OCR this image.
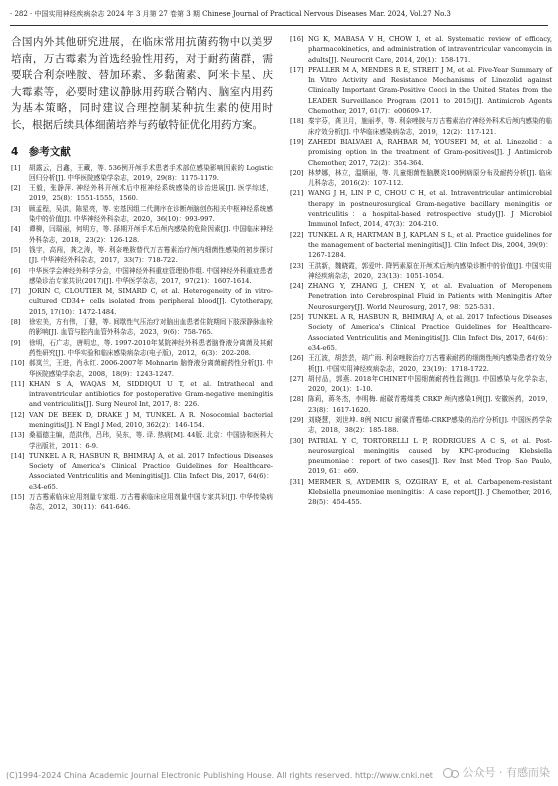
· 282 · 中国实用神经疾病杂志 2024 年 3 月第 27 卷第 3 期 Chinese Journal of Practical Nervous Diseases Mar. 2024, Vol.27 No.3

合国内外其他研究进展，在临床常用抗菌药物中以美罗培南，万古霉素为首选经验性用药，对于耐药菌群，需要联合利奈唑胺、替加环素、多黏菌素、阿米卡星、庆大霉素等，必要时建议静脉用药联合鞘内、脑室内用药为基本策略，同时建议合理控制某种抗生素的使用时长，根据后续具体细菌培养与药敏特征优化用药方案。

4　参考文献
[1]	胡露云，吕鑫，王藏，等. 536例开颅手术患者手术部位感染影响因素的 Logistic 回归分析[J]. 中华医院感染学杂志，2019，29(8)：1175-1179.
[2]	王毅，张静萍. 神经外科开颅术后中枢神经系统感染的诊治进展[J]. 医学综述，2019，25(8)：1551-1555，1560.
[3]	顾孟程，吴洪，陈星亮，等. 宏基因组二代测序在诊断颅脑创伤相关中枢神经系统感染中的价值[J]. 中华神经外科杂志，2020，36(10)：993-997.
[4]	谭柳，闫瑞丽，何明方，等. 择期开颅手术后颅内感染的危险因素[J]. 中国临床神经外科杂志，2018，23(2)：126-128.
[5]	钱宇，高闯，龚之涛，等. 利奈唑胺替代万古霉素治疗颅内细菌性感染的初步探讨[J]. 中华神经外科杂志，2017，33(7)：718-722.
[6]	中华医学会神经外科学分会，中国神经外科重症管理协作组. 中国神经外科重症患者感染诊治专家共识(2017)[J]. 中华医学杂志，2017，97(21)：1607-1614.
[7]	JORIN C, CLOUTIER M, SIMARD C, et al. Heterogeneity of in vitro-cultured CD34+ cells isolated from peripheral blood[J]. Cytotherapy, 2015, 17(10)：1472-1484.
[8]	徐宏美，方有伟，丁健，等. 间歇性气压治疗对脑出血患者住院期间下肢深静脉血栓的影响[J]. 血管与腔内血管外科杂志，2023，9(6)：758-765.
[9]	徐明，石广志，唐明忠，等. 1997-2010年某院神经外科患者脑脊液分离菌及其耐药性研究[J]. 中华实验和临床感染病杂志(电子版)，2012，6(3)：202-208.
[10] 郝岚兰，王进，肖永红. 2006-2007年 Mohnarin 脑脊液分离菌耐药性分析[J]. 中华医院感染学杂志，2008，18(9)：1243-1247.
[11] KHAN S A, WAQAS M, SIDDIQUI U T, et al. Intrathecal and intraventricular antibiotics for postoperative Gram-negative meningitis and ventriculitis[J]. Surg Neurol Int, 2017, 8：226.
[12] VAN DE BEEK D, DRAKE J M, TUNKEL A R. Nosocomial bacterial meningitis[J]. N Engl J Med, 2010, 362(2)：146-154.
[13] 桑福德主编，范洪伟，吕玮，吴东，等. 译. 热病[M]. 44版. 北京：中国协和医科大学出版社，2011：6-9.
[14] TUNKEL A R, HASBUN R, BHIMRAJ A, et al. 2017 Infectious Diseases Society of America's Clinical Practice Guidelines for Healthcare-Associated Ventriculitis and Meningitis[J]. Clin Infect Dis, 2017, 64(6)：e34-e65.
[15] 万古霉素临床应用剂量专家组. 万古霉素临床应用剂量中国专家共识[J]. 中华传染病杂志，2012，30(11)：641-646.
[16] NG K, MABASA V H, CHOW I, et al. Systematic review of efficacy, pharmacokinetics, and administration of intraventricular vancomycin in adults[J]. Neurocrit Care, 2014, 20(1)：158-171.
[17] PFALLER M A, MENDES R E, STREIT J M, et al. Five-Year Summary of In Vitro Activity and Resistance Mechanisms of Linezolid against Clinically Important Gram-Positive Cocci in the United States from the LEADER Surveillance Program (2011 to 2015)[J]. Antimicrob Agents Chemother, 2017, 61(7)：e00609-17.
[18] 秦宇芬，龚卫月，施丽孝，等. 利奈唑胺与万古霉素治疗神经外科术后颅内感染的临床疗效分析[J]. 中华临床感染病杂志，2019，12(2)：117-121.
[19] ZAHEDI BIALVAEI A, RAHBAR M, YOUSEFI M, et al. Linezolid：a promising option in the treatment of Gram-positives[J]. J Antimicrob Chemother, 2017, 72(2)：354-364.
[20] 林梦娜，林立，温顺丽，等. 儿童细菌性脑膜炎100例病原分布及耐药分析[J]. 临床儿科杂志，2016(2)：107-112.
[21] WANG J H, LIN P C, CHOU C H, et al. Intraventricular antimicrobial therapy in postneurosurgical Gram-negative bacillary meningitis or ventriculitis：a hospital-based retrospective study[J]. J Microbiol Immunol Infect, 2014, 47(3)：204-210.
[22] TUNKEL A R, HARTMAN B J, KAPLAN S L, et al. Practice guidelines for the management of bacterial meningitis[J]. Clin Infect Dis, 2004, 39(9)：1267-1284.
[23] 王洪新，魏晓霞，郭爱叶. 降钙素原在开颅术后颅内感染诊断中的价值[J]. 中国实用神经疾病杂志，2020，23(13)：1051-1054.
[24] ZHANG Y, ZHANG J, CHEN Y, et al. Evaluation of Meropenem Penetration into Cerebrospinal Fluid in Patients with Meningitis After Neurosurgery[J]. World Neurosurg, 2017, 98：525-531.
[25] TUNKEL A R, HASBUN R, BHIMRAJ A, et al. 2017 Infectious Diseases Society of America's Clinical Practice Guidelines for Healthcare-Associated Ventriculitis and Meningitis[J]. Clin Infect Dis, 2017, 64(6)：e34-e65.
[26] 王江波，胡芸芸，胡广雨. 利奈唑胺治疗万古霉素耐药的细菌性颅内感染患者疗效分析[J]. 中国实用神经疾病杂志，2020，23(19)：1718-1722.
[27] 胡付品，郭燕. 2018年CHINET中国细菌耐药性监测[J]. 中国感染与化学杂志，2020，20(1)：1-10.
[28] 陈莉，蒋冬杰，李明梅. 耐碳青霉烯类 CRKP 颅内感染1例[J]. 安徽医药，2019，23(8)：1617-1620.
[29] 刘晓慧，刘世坤. 8例 NICU 耐碳青霉烯-CRKP感染的治疗分析[J]. 中国医药学杂志，2018，38(2)：185-188.
[30] PATRIAL Y C, TORTORELLI L P, RODRIGUES A C S, et al. Post-neurosurgical meningitis caused by KPC-producing Klebsiella pneumoniae：report of two cases[J]. Rev Inst Med Trop Sao Paulo, 2019, 61：e69.
[31] MERMER S, AYDEMIR S, OZGIRAY E, et al. Carbapenem-resistant Klebsiella pneumoniae meningitis：A case report[J]. J Chemother, 2016, 28(5)：454-455.
(C)1994-2024 China Academic Journal Electronic Publishing House. All rights reserved. http://www.cnki.net	公众号 · 有感而染
